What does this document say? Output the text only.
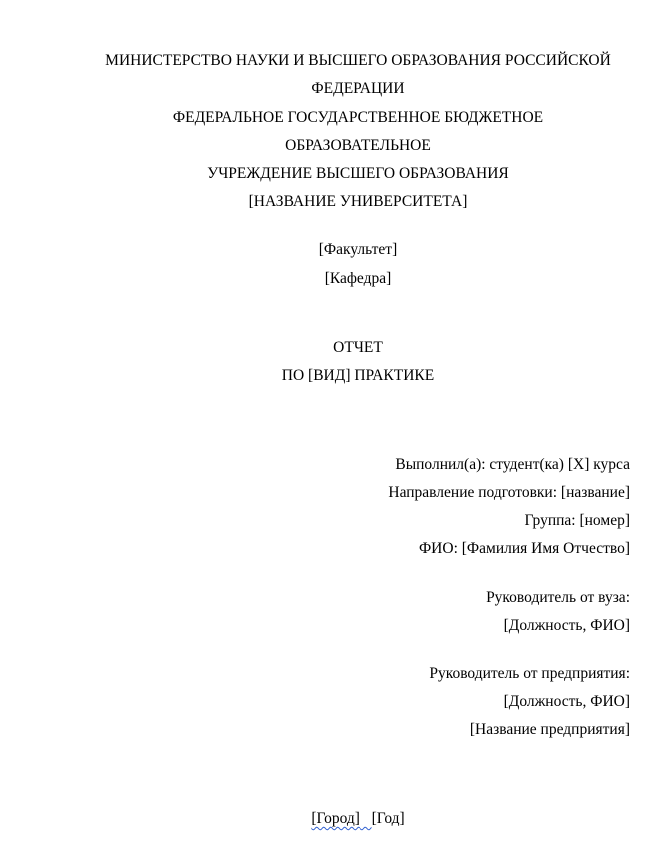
МИНИСТЕРСТВО НАУКИ И ВЫСШЕГО ОБРАЗОВАНИЯ РОССИЙСКОЙ
ФЕДЕРАЦИИ
ФЕДЕРАЛЬНОЕ ГОСУДАРСТВЕННОЕ БЮДЖЕТНОЕ
ОБРАЗОВАТЕЛЬНОЕ
УЧРЕЖДЕНИЕ ВЫСШЕГО ОБРАЗОВАНИЯ
[НАЗВАНИЕ УНИВЕРСИТЕТА]
[Факультет]
[Кафедра]
ОТЧЕТ
ПО [ВИД] ПРАКТИКЕ
Выполнил(а): студент(ка) [X] курса
Направление подготовки: [название]
Группа: [номер]
ФИО: [Фамилия Имя Отчество]
Руководитель от вуза:
[Должность, ФИО]
Руководитель от предприятия:
[Должность, ФИО]
[Название предприятия]
[Город] [Год]
